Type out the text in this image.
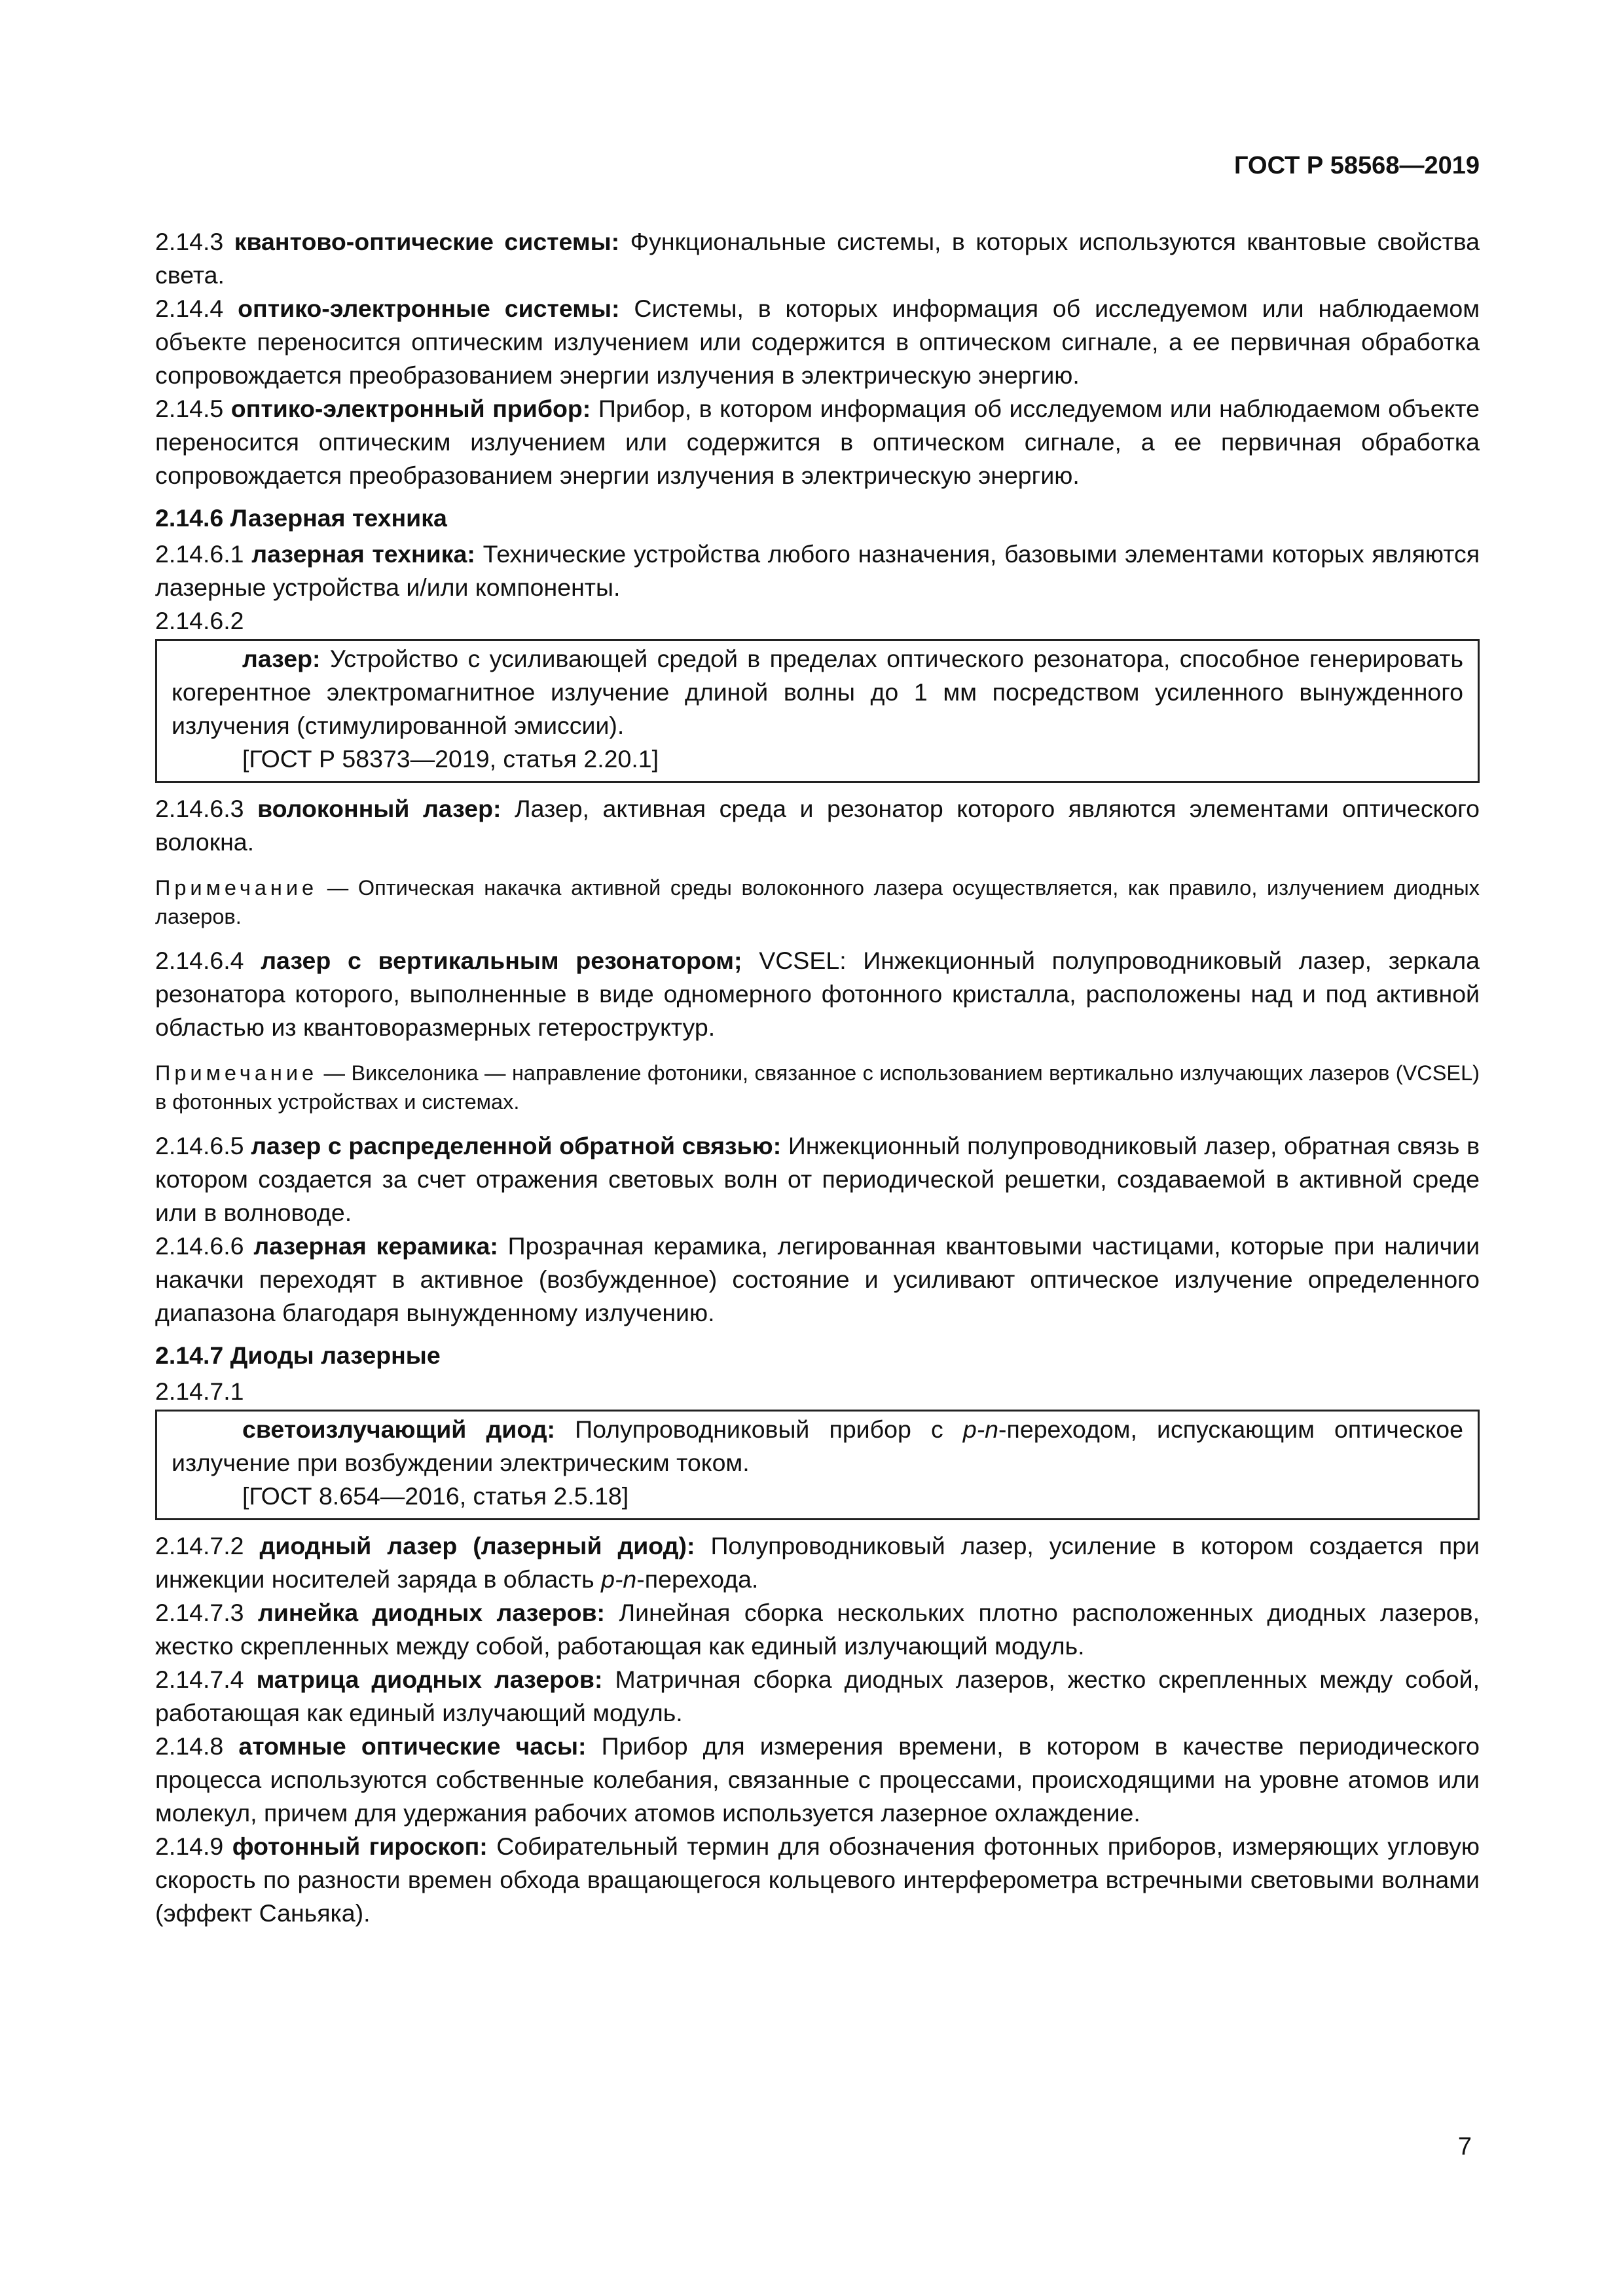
ГОСТ Р 58568—2019

2.14.3 квантово-оптические системы: Функциональные системы, в которых используются квантовые свойства света.

2.14.4 оптико-электронные системы: Системы, в которых информация об исследуемом или наблюдаемом объекте переносится оптическим излучением или содержится в оптическом сигнале, а ее первичная обработка сопровождается преобразованием энергии излучения в электрическую энергию.

2.14.5 оптико-электронный прибор: Прибор, в котором информация об исследуемом или наблюдаемом объекте переносится оптическим излучением или содержится в оптическом сигнале, а ее первичная обработка сопровождается преобразованием энергии излучения в электрическую энергию.

2.14.6 Лазерная техника

2.14.6.1 лазерная техника: Технические устройства любого назначения, базовыми элементами которых являются лазерные устройства и/или компоненты.

2.14.6.2

лазер: Устройство с усиливающей средой в пределах оптического резонатора, способное генерировать когерентное электромагнитное излучение длиной волны до 1 мм посредством усиленного вынужденного излучения (стимулированной эмиссии).

[ГОСТ Р 58373—2019, статья 2.20.1]

2.14.6.3 волоконный лазер: Лазер, активная среда и резонатор которого являются элементами оптического волокна.

Примечание — Оптическая накачка активной среды волоконного лазера осуществляется, как правило, излучением диодных лазеров.

2.14.6.4 лазер с вертикальным резонатором; VCSEL: Инжекционный полупроводниковый лазер, зеркала резонатора которого, выполненные в виде одномерного фотонного кристалла, расположены над и под активной областью из квантоворазмерных гетероструктур.

Примечание — Викселоника — направление фотоники, связанное с использованием вертикально излучающих лазеров (VCSEL) в фотонных устройствах и системах.

2.14.6.5 лазер с распределенной обратной связью: Инжекционный полупроводниковый лазер, обратная связь в котором создается за счет отражения световых волн от периодической решетки, создаваемой в активной среде или в волноводе.

2.14.6.6 лазерная керамика: Прозрачная керамика, легированная квантовыми частицами, которые при наличии накачки переходят в активное (возбужденное) состояние и усиливают оптическое излучение определенного диапазона благодаря вынужденному излучению.

2.14.7 Диоды лазерные

2.14.7.1

светоизлучающий диод: Полупроводниковый прибор с p-n-переходом, испускающим оптическое излучение при возбуждении электрическим током.

[ГОСТ 8.654—2016, статья 2.5.18]

2.14.7.2 диодный лазер (лазерный диод): Полупроводниковый лазер, усиление в котором создается при инжекции носителей заряда в область p-n-перехода.

2.14.7.3 линейка диодных лазеров: Линейная сборка нескольких плотно расположенных диодных лазеров, жестко скрепленных между собой, работающая как единый излучающий модуль.

2.14.7.4 матрица диодных лазеров: Матричная сборка диодных лазеров, жестко скрепленных между собой, работающая как единый излучающий модуль.

2.14.8 атомные оптические часы: Прибор для измерения времени, в котором в качестве периодического процесса используются собственные колебания, связанные с процессами, происходящими на уровне атомов или молекул, причем для удержания рабочих атомов используется лазерное охлаждение.

2.14.9 фотонный гироскоп: Собирательный термин для обозначения фотонных приборов, измеряющих угловую скорость по разности времен обхода вращающегося кольцевого интерферометра встречными световыми волнами (эффект Саньяка).

7
